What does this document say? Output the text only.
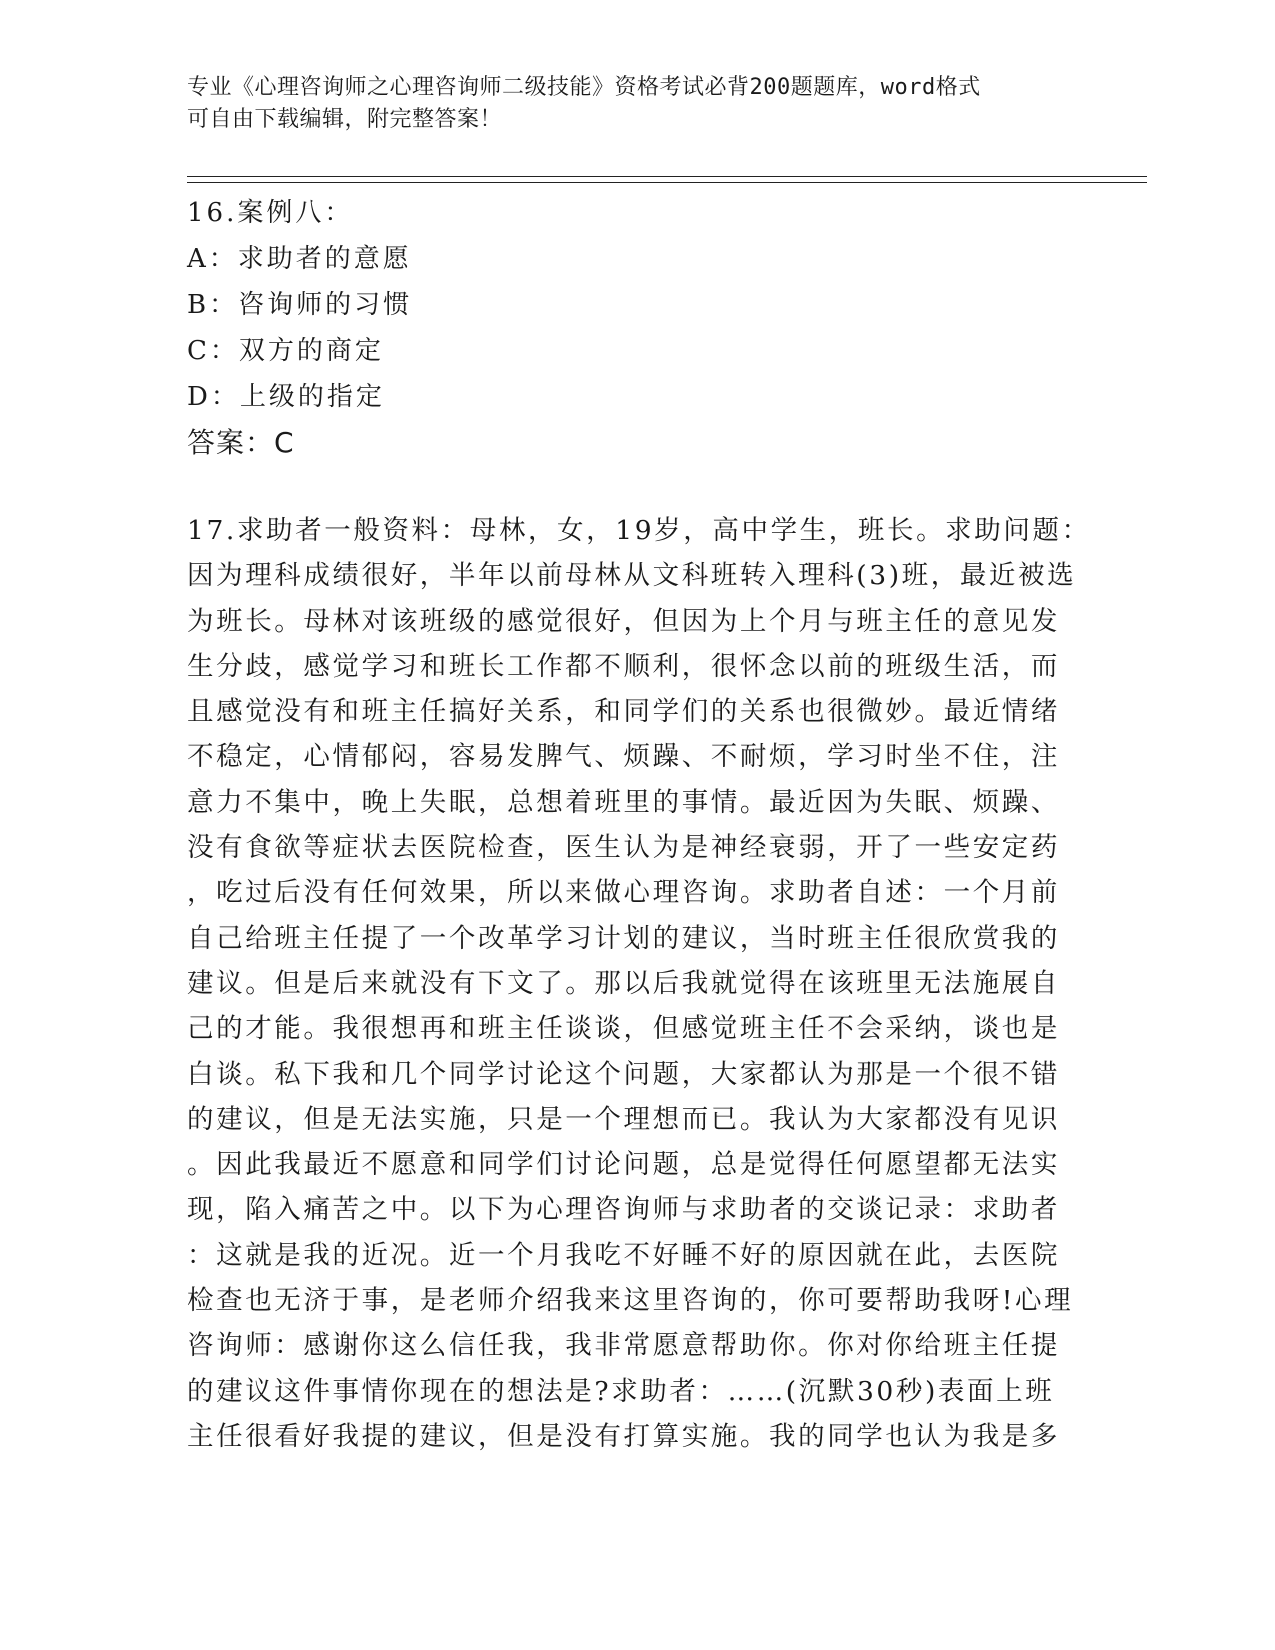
专业《心理咨询师之心理咨询师二级技能》资格考试必背200题题库，word格式
可自由下载编辑，附完整答案！
16.案例八：
A：求助者的意愿
B：咨询师的习惯
C：双方的商定
D：上级的指定
答案：C
17.求助者一般资料：母林，女，19岁，高中学生，班长。求助问题：
因为理科成绩很好，半年以前母林从文科班转入理科(3)班，最近被选
为班长。母林对该班级的感觉很好，但因为上个月与班主任的意见发
生分歧，感觉学习和班长工作都不顺利，很怀念以前的班级生活，而
且感觉没有和班主任搞好关系，和同学们的关系也很微妙。最近情绪
不稳定，心情郁闷，容易发脾气、烦躁、不耐烦，学习时坐不住，注
意力不集中，晚上失眠，总想着班里的事情。最近因为失眠、烦躁、
没有食欲等症状去医院检查，医生认为是神经衰弱，开了一些安定药
，吃过后没有任何效果，所以来做心理咨询。求助者自述：一个月前
自己给班主任提了一个改革学习计划的建议，当时班主任很欣赏我的
建议。但是后来就没有下文了。那以后我就觉得在该班里无法施展自
己的才能。我很想再和班主任谈谈，但感觉班主任不会采纳，谈也是
白谈。私下我和几个同学讨论这个问题，大家都认为那是一个很不错
的建议，但是无法实施，只是一个理想而已。我认为大家都没有见识
。因此我最近不愿意和同学们讨论问题，总是觉得任何愿望都无法实
现，陷入痛苦之中。以下为心理咨询师与求助者的交谈记录：求助者
：这就是我的近况。近一个月我吃不好睡不好的原因就在此，去医院
检查也无济于事，是老师介绍我来这里咨询的，你可要帮助我呀!心理
咨询师：感谢你这么信任我，我非常愿意帮助你。你对你给班主任提
的建议这件事情你现在的想法是?求助者：……(沉默30秒)表面上班
主任很看好我提的建议，但是没有打算实施。我的同学也认为我是多
